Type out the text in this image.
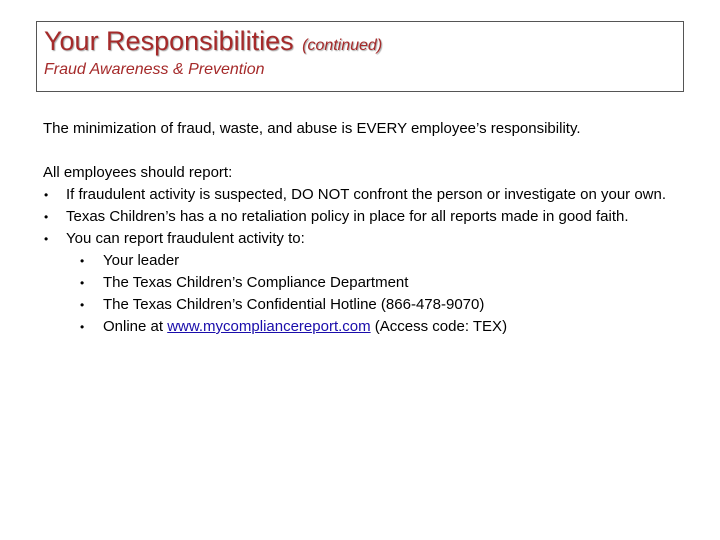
Your Responsibilities (continued)
Fraud Awareness & Prevention

The minimization of fraud, waste, and abuse is EVERY employee’s responsibility.

All employees should report:

• If fraudulent activity is suspected, DO NOT confront the person or investigate on your own.
• Texas Children’s has a no retaliation policy in place for all reports made in good faith.
• You can report fraudulent activity to:
• Your leader
• The Texas Children’s Compliance Department
• The Texas Children’s Confidential Hotline (866-478-9070)
• Online at www.mycompliancereport.com (Access code: TEX)
